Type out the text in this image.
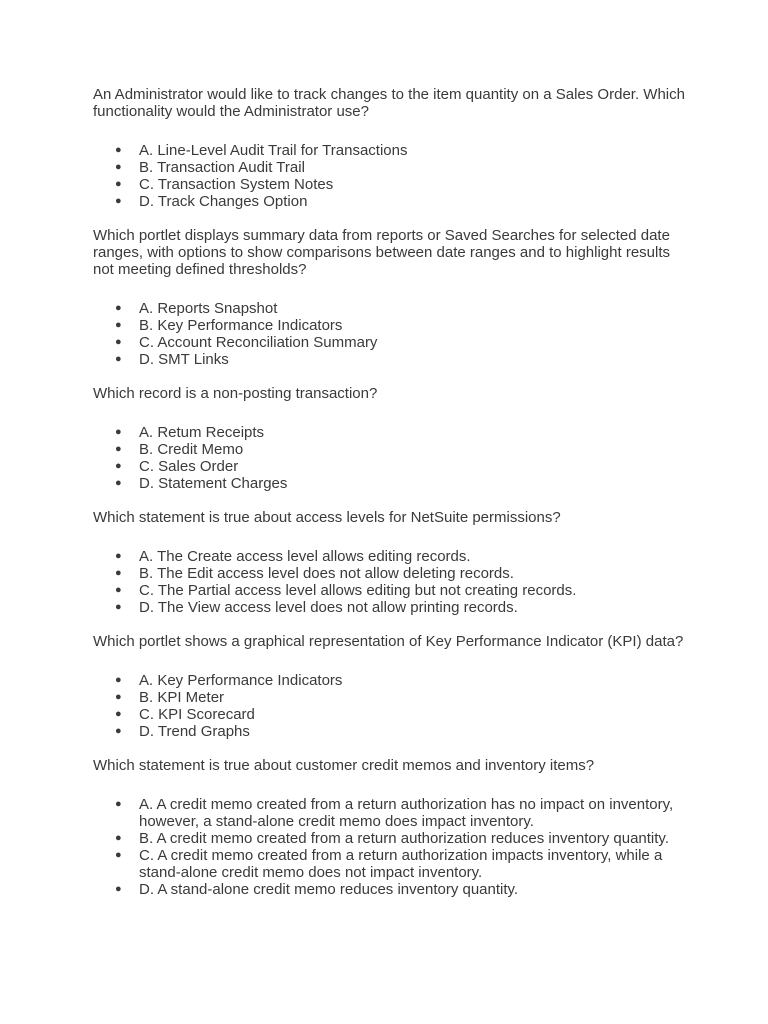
An Administrator would like to track changes to the item quantity on a Sales Order. Which functionality would the Administrator use?

● A. Line-Level Audit Trail for Transactions
● B. Transaction Audit Trail
● C. Transaction System Notes
● D. Track Changes Option

Which portlet displays summary data from reports or Saved Searches for selected date ranges, with options to show comparisons between date ranges and to highlight results not meeting defined thresholds?

● A. Reports Snapshot
● B. Key Performance Indicators
● C. Account Reconciliation Summary
● D. SMT Links

Which record is a non-posting transaction?

● A. Retum Receipts
● B. Credit Memo
● C. Sales Order
● D. Statement Charges

Which statement is true about access levels for NetSuite permissions?

● A. The Create access level allows editing records.
● B. The Edit access level does not allow deleting records.
● C. The Partial access level allows editing but not creating records.
● D. The View access level does not allow printing records.

Which portlet shows a graphical representation of Key Performance Indicator (KPI) data?

● A. Key Performance Indicators
● B. KPI Meter
● C. KPI Scorecard
● D. Trend Graphs

Which statement is true about customer credit memos and inventory items?

● A. A credit memo created from a return authorization has no impact on inventory, however, a stand-alone credit memo does impact inventory.
● B. A credit memo created from a return authorization reduces inventory quantity.
● C. A credit memo created from a return authorization impacts inventory, while a stand-alone credit memo does not impact inventory.
● D. A stand-alone credit memo reduces inventory quantity.
